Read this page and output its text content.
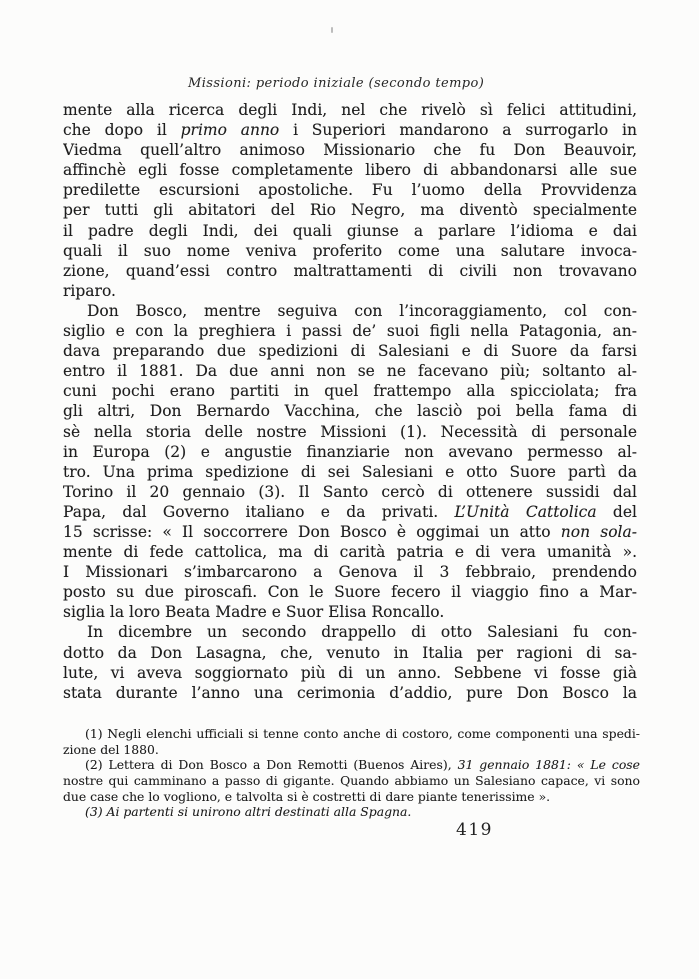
Missioni: periodo iniziale (secondo tempo)
mente alla ricerca degli Indi, nel che rivelò sì felici attitudini,
che dopo il primo anno i Superiori mandarono a surrogarlo in
Viedma quell’altro animoso Missionario che fu Don Beauvoir,
affinchè egli fosse completamente libero di abbandonarsi alle sue
predilette escursioni apostoliche. Fu l’uomo della Provvidenza
per tutti gli abitatori del Rio Negro, ma diventò specialmente
il padre degli Indi, dei quali giunse a parlare l’idioma e dai
quali il suo nome veniva proferito come una salutare invoca-
zione, quand’essi contro maltrattamenti di civili non trovavano
riparo.
Don Bosco, mentre seguiva con l’incoraggiamento, col con-
siglio e con la preghiera i passi de’ suoi figli nella Patagonia, an-
dava preparando due spedizioni di Salesiani e di Suore da farsi
entro il 1881. Da due anni non se ne facevano più; soltanto al-
cuni pochi erano partiti in quel frattempo alla spicciolata; fra
gli altri, Don Bernardo Vacchina, che lasciò poi bella fama di
sè nella storia delle nostre Missioni (1). Necessità di personale
in Europa (2) e angustie finanziarie non avevano permesso al-
tro. Una prima spedizione di sei Salesiani e otto Suore partì da
Torino il 20 gennaio (3). Il Santo cercò di ottenere sussidi dal
Papa, dal Governo italiano e da privati. L’Unità Cattolica del
15 scrisse: « Il soccorrere Don Bosco è oggimai un atto non sola-
mente di fede cattolica, ma di carità patria e di vera umanità ».
I Missionari s’imbarcarono a Genova il 3 febbraio, prendendo
posto su due piroscafi. Con le Suore fecero il viaggio fino a Mar-
siglia la loro Beata Madre e Suor Elisa Roncallo.
In dicembre un secondo drappello di otto Salesiani fu con-
dotto da Don Lasagna, che, venuto in Italia per ragioni di sa-
lute, vi aveva soggiornato più di un anno. Sebbene vi fosse già
stata durante l’anno una cerimonia d’addio, pure Don Bosco la
(1) Negli elenchi ufficiali si tenne conto anche di costoro, come componenti una spedi-
zione del 1880.
(2) Lettera di Don Bosco a Don Remotti (Buenos Aires), 31 gennaio 1881: « Le cose
nostre qui camminano a passo di gigante. Quando abbiamo un Salesiano capace, vi sono
due case che lo vogliono, e talvolta si è costretti di dare piante tenerissime ».
(3) Ai partenti si unirono altri destinati alla Spagna.
419
